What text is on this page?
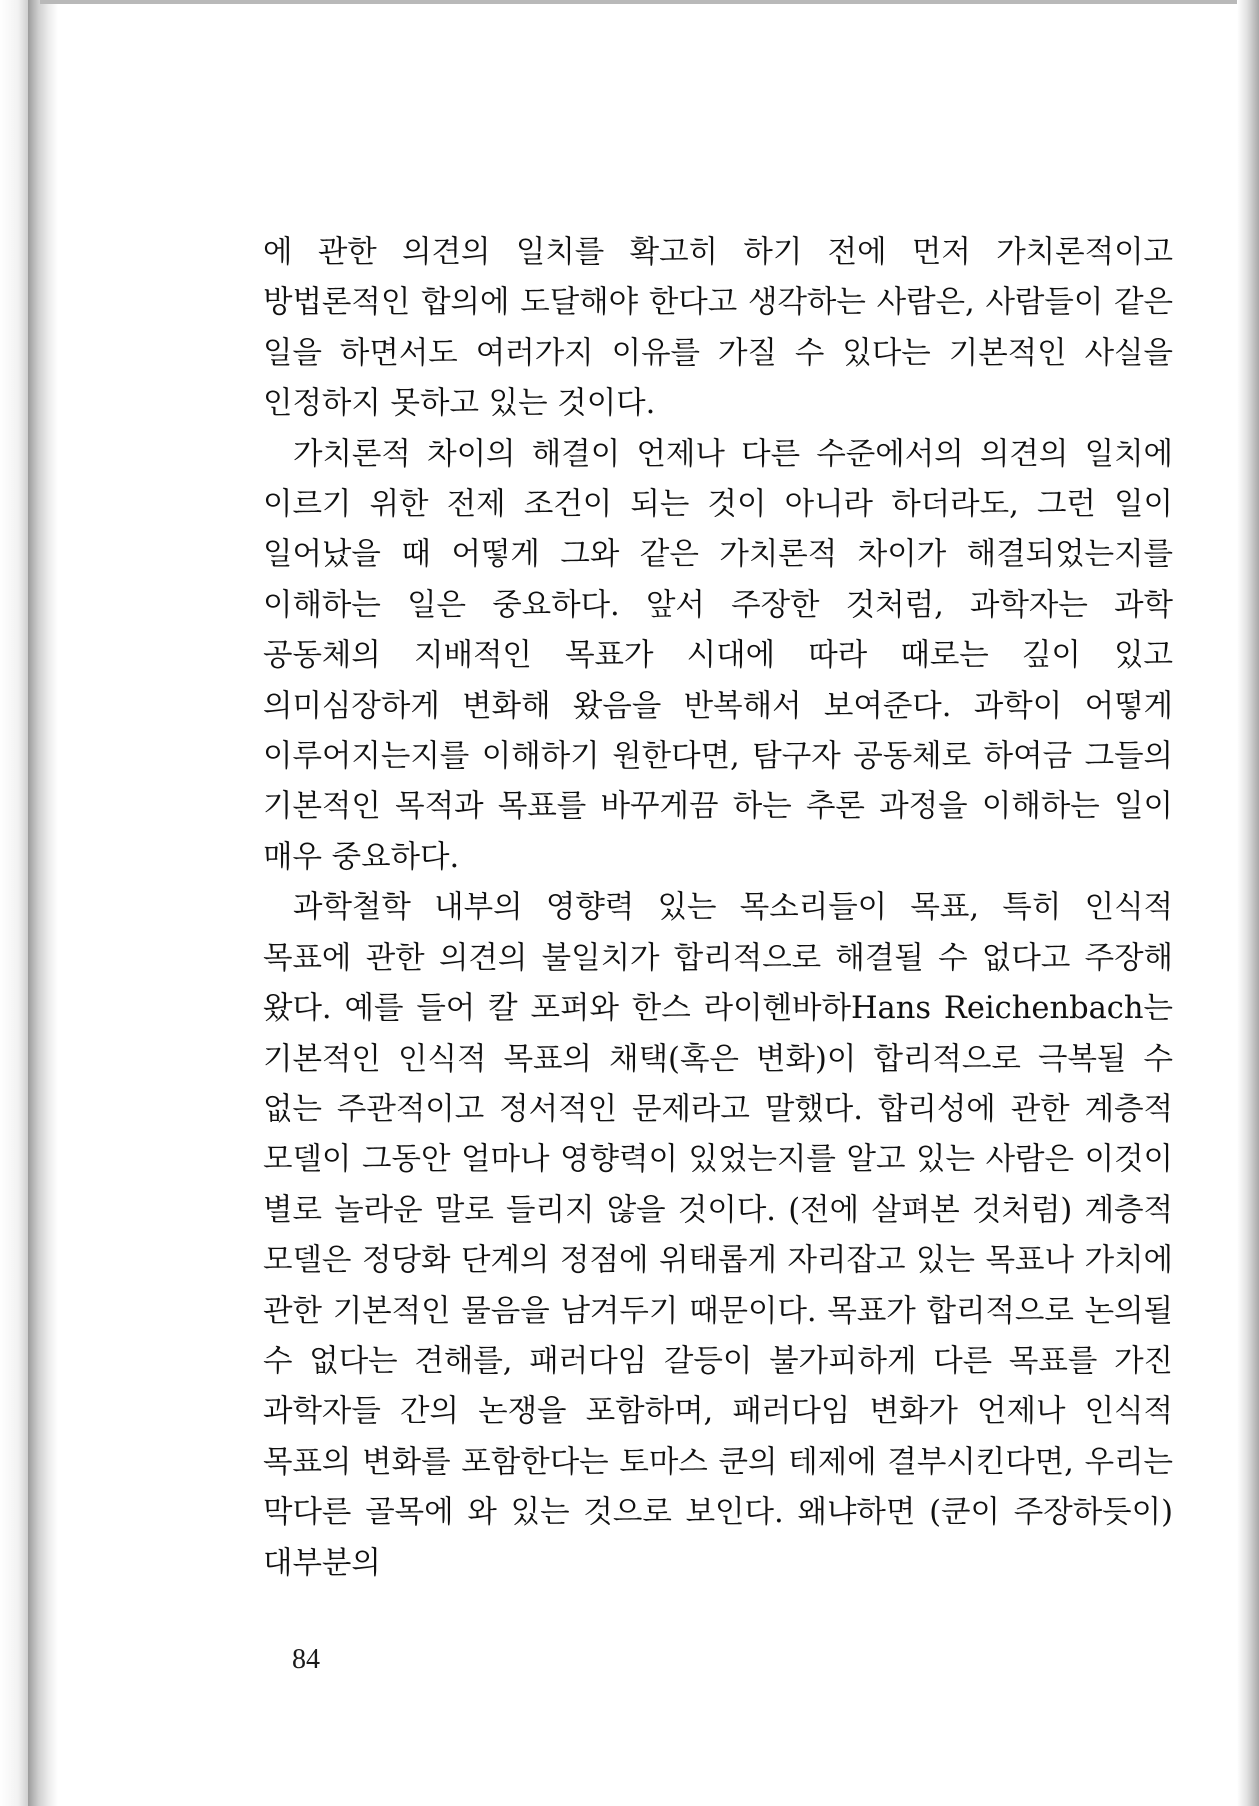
에 관한 의견의 일치를 확고히 하기 전에 먼저 가치론적이고 방법론적인 합의에 도달해야 한다고 생각하는 사람은, 사람들이 같은 일을 하면서도 여러가지 이유를 가질 수 있다는 기본적인 사실을 인정하지 못하고 있는 것이다.

가치론적 차이의 해결이 언제나 다른 수준에서의 의견의 일치에 이르기 위한 전제 조건이 되는 것이 아니라 하더라도, 그런 일이 일어났을 때 어떻게 그와 같은 가치론적 차이가 해결되었는지를 이해하는 일은 중요하다. 앞서 주장한 것처럼, 과학자는 과학 공동체의 지배적인 목표가 시대에 따라 때로는 깊이 있고 의미심장하게 변화해 왔음을 반복해서 보여준다. 과학이 어떻게 이루어지는지를 이해하기 원한다면, 탐구자 공동체로 하여금 그들의 기본적인 목적과 목표를 바꾸게끔 하는 추론 과정을 이해하는 일이 매우 중요하다.

과학철학 내부의 영향력 있는 목소리들이 목표, 특히 인식적 목표에 관한 의견의 불일치가 합리적으로 해결될 수 없다고 주장해 왔다. 예를 들어 칼 포퍼와 한스 라이헨바하Hans Reichenbach는 기본적인 인식적 목표의 채택(혹은 변화)이 합리적으로 극복될 수 없는 주관적이고 정서적인 문제라고 말했다. 합리성에 관한 계층적 모델이 그동안 얼마나 영향력이 있었는지를 알고 있는 사람은 이것이 별로 놀라운 말로 들리지 않을 것이다. (전에 살펴본 것처럼) 계층적 모델은 정당화 단계의 정점에 위태롭게 자리잡고 있는 목표나 가치에 관한 기본적인 물음을 남겨두기 때문이다. 목표가 합리적으로 논의될 수 없다는 견해를, 패러다임 갈등이 불가피하게 다른 목표를 가진 과학자들 간의 논쟁을 포함하며, 패러다임 변화가 언제나 인식적 목표의 변화를 포함한다는 토마스 쿤의 테제에 결부시킨다면, 우리는 막다른 골목에 와 있는 것으로 보인다. 왜냐하면 (쿤이 주장하듯이) 대부분의

84
